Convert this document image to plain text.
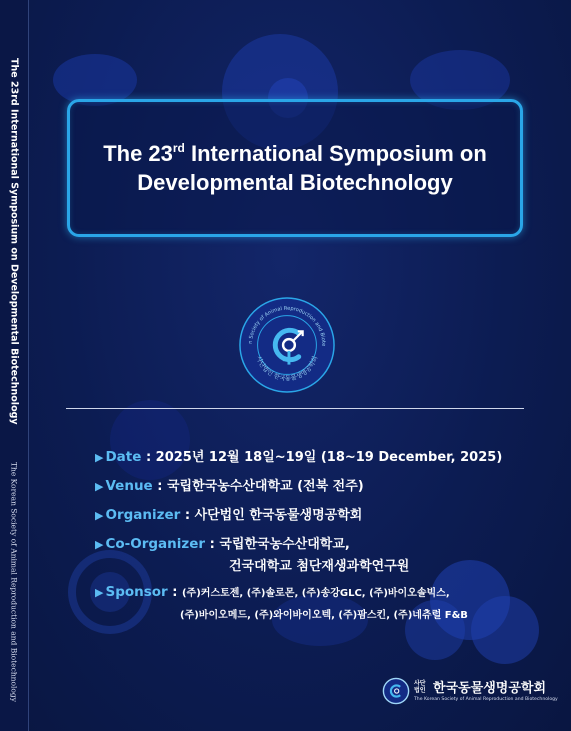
The 23rd International Symposium on Developmental Biotechnology
The Korean Society of Animal Reproduction and Biotechnology
The 23rd International Symposium on
Developmental Biotechnology
n Society of Animal Reproduction and Biote
사단법인 한국동물생명공학회
▶ Date : 2025년 12월 18일~19일 (18~19 December, 2025)
▶ Venue : 국립한국농수산대학교 (전북 전주)
▶ Organizer : 사단법인 한국동물생명공학회
▶ Co-Organizer : 국립한국농수산대학교,
건국대학교 첨단재생과학연구원
▶ Sponsor : (주)커스토젠, (주)솔로몬, (주)송강GLC, (주)바이오솔빅스,
(주)바이오메드, (주)와이바이오텍, (주)팜스킨, (주)네츄럴 F&B
사단 법인 한국동물생명공학회
The Korean Society of Animal Reproduction and Biotechnology
